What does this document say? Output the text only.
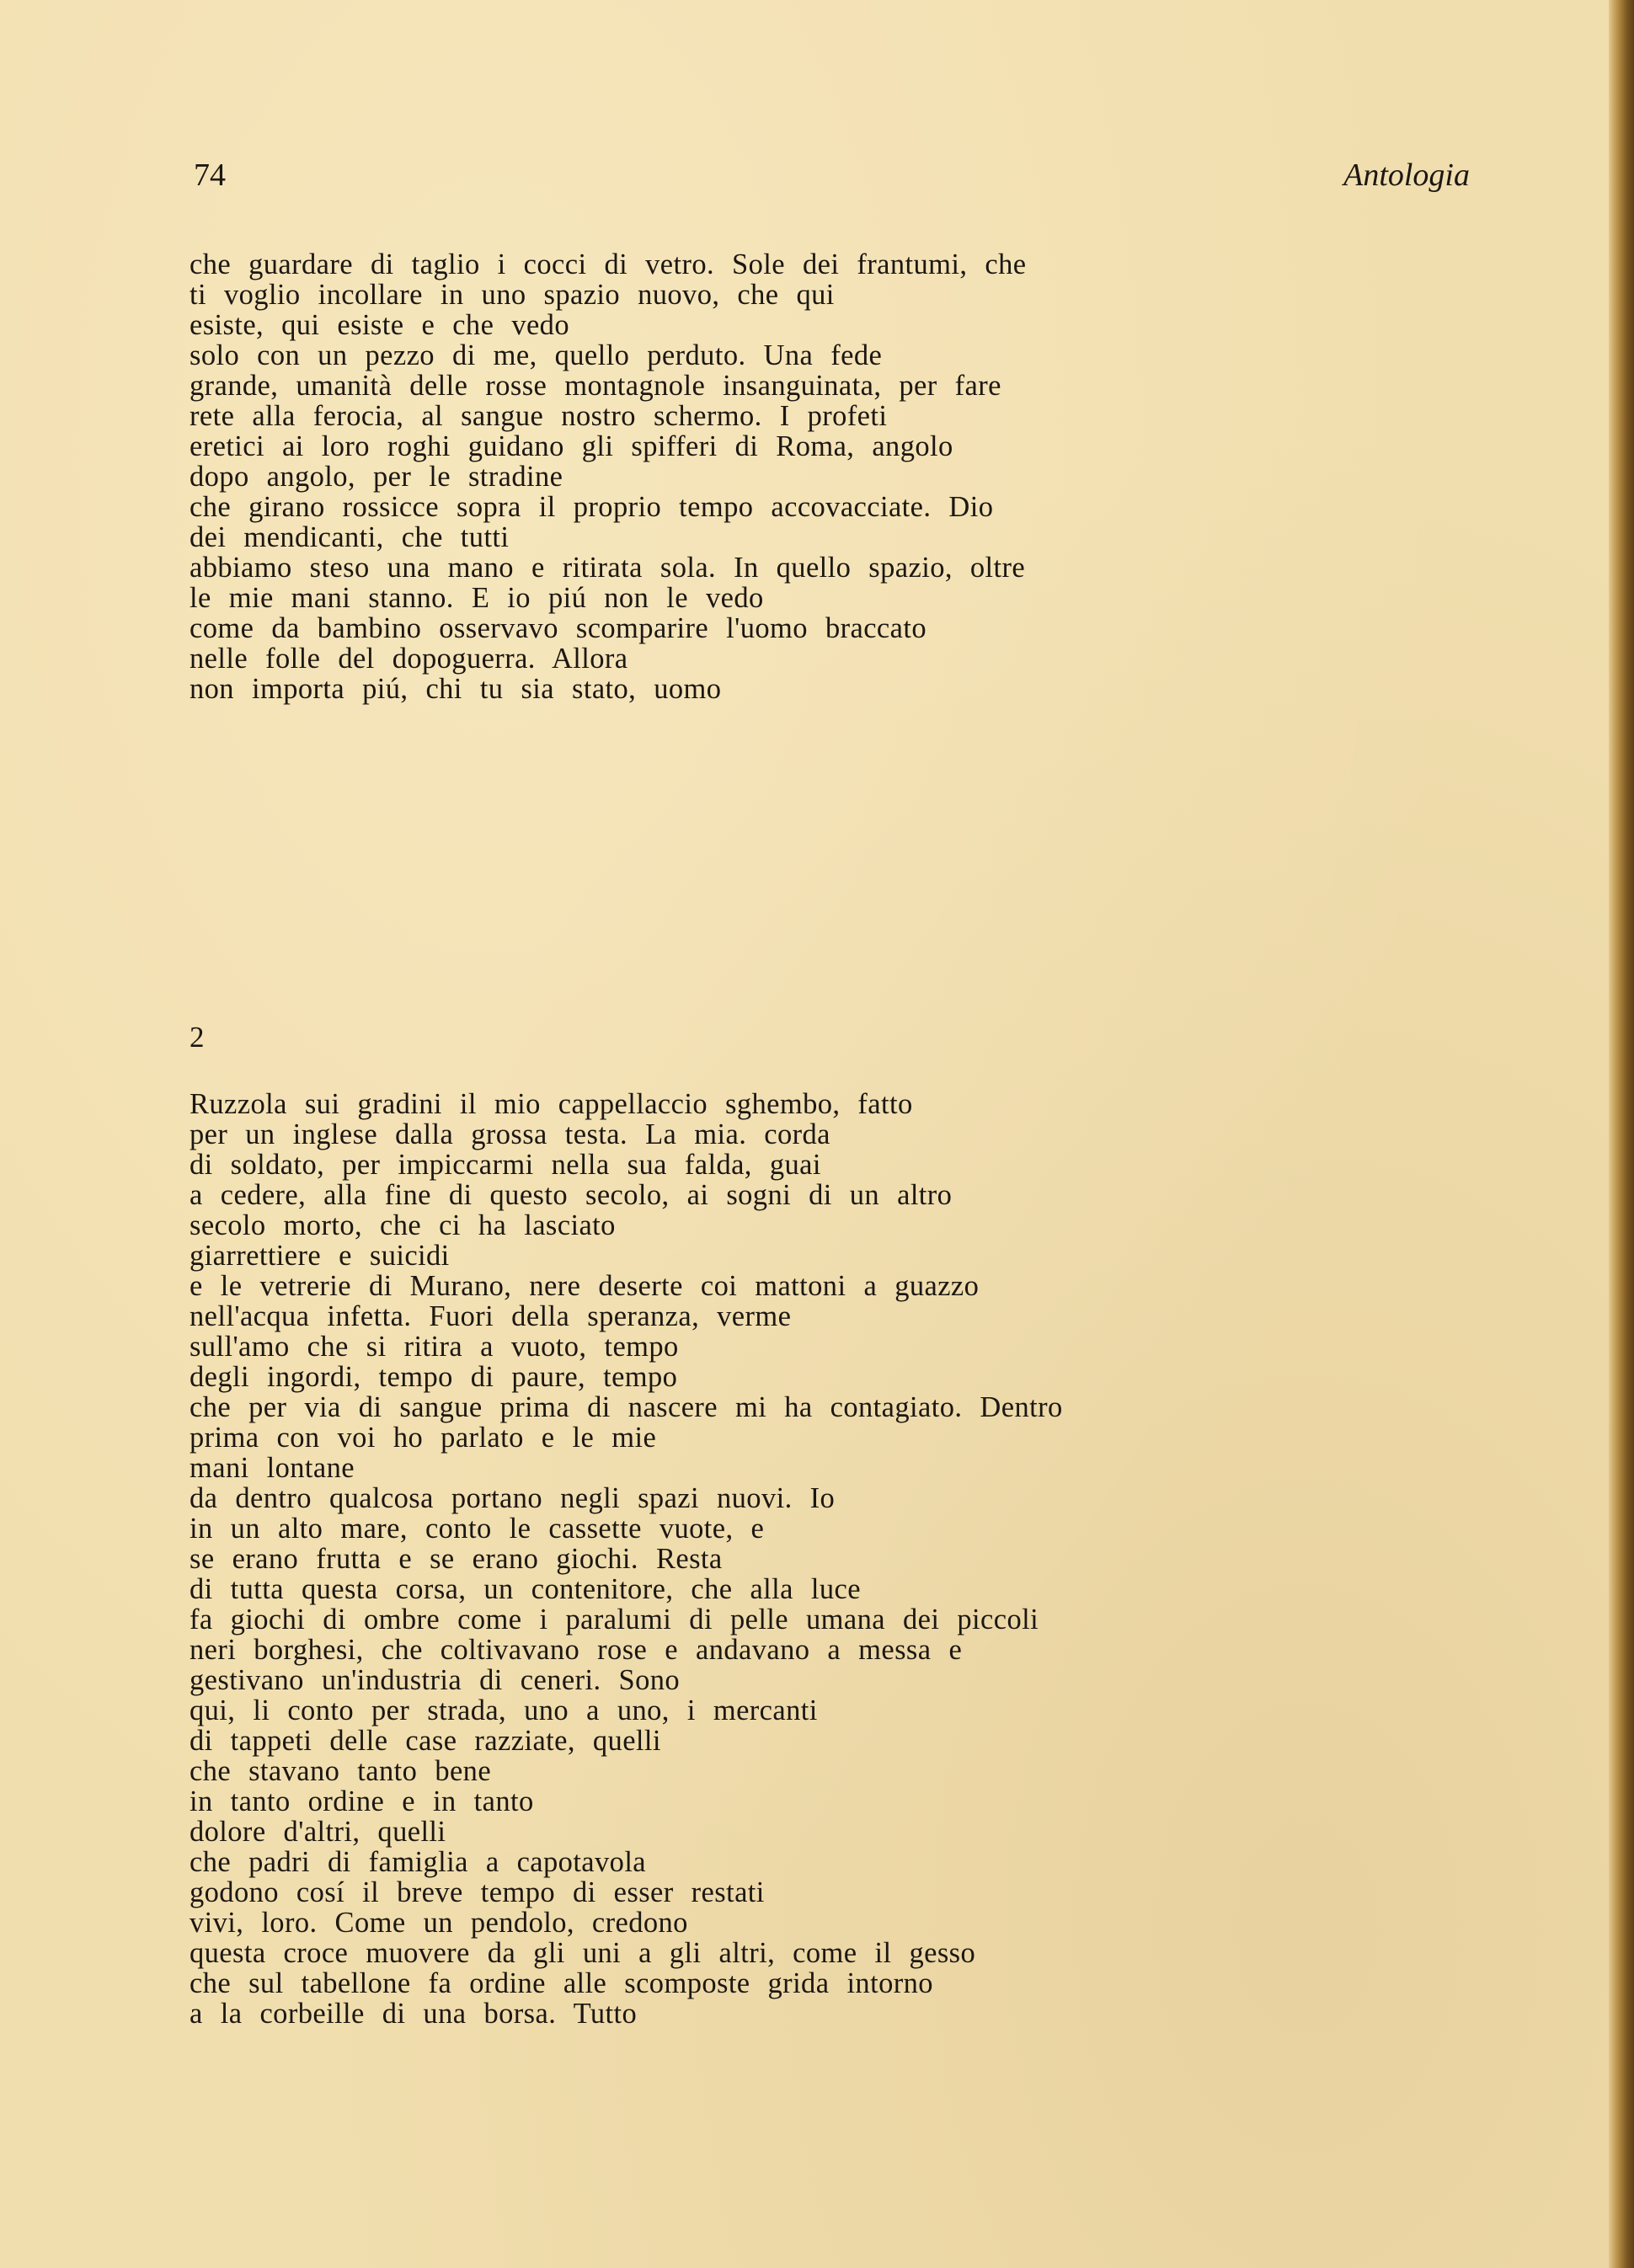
74	Antologia
che guardare di taglio i cocci di vetro. Sole dei frantumi, che
ti voglio incollare in uno spazio nuovo, che qui
esiste, qui esiste e che vedo
solo con un pezzo di me, quello perduto. Una fede
grande, umanità delle rosse montagnole insanguinata, per fare
rete alla ferocia, al sangue nostro schermo. I profeti
eretici ai loro roghi guidano gli spifferi di Roma, angolo
dopo angolo, per le stradine
che girano rossicce sopra il proprio tempo accovacciate. Dio
dei mendicanti, che tutti
abbiamo steso una mano e ritirata sola. In quello spazio, oltre
le mie mani stanno. E io piú non le vedo
come da bambino osservavo scomparire l'uomo braccato
nelle folle del dopoguerra. Allora
non importa piú, chi tu sia stato, uomo
2
Ruzzola sui gradini il mio cappellaccio sghembo, fatto
per un inglese dalla grossa testa. La mia. corda
di soldato, per impiccarmi nella sua falda, guai
a cedere, alla fine di questo secolo, ai sogni di un altro
secolo morto, che ci ha lasciato
giarrettiere e suicidi
e le vetrerie di Murano, nere deserte coi mattoni a guazzo
nell'acqua infetta. Fuori della speranza, verme
sull'amo che si ritira a vuoto, tempo
degli ingordi, tempo di paure, tempo
che per via di sangue prima di nascere mi ha contagiato. Dentro
prima con voi ho parlato e le mie
mani lontane
da dentro qualcosa portano negli spazi nuovi. Io
in un alto mare, conto le cassette vuote, e
se erano frutta e se erano giochi. Resta
di tutta questa corsa, un contenitore, che alla luce
fa giochi di ombre come i paralumi di pelle umana dei piccoli
neri borghesi, che coltivavano rose e andavano a messa e
gestivano un'industria di ceneri. Sono
qui, li conto per strada, uno a uno, i mercanti
di tappeti delle case razziate, quelli
che stavano tanto bene
in tanto ordine e in tanto
dolore d'altri, quelli
che padri di famiglia a capotavola
godono cosí il breve tempo di esser restati
vivi, loro. Come un pendolo, credono
questa croce muovere da gli uni a gli altri, come il gesso
che sul tabellone fa ordine alle scomposte grida intorno
a la corbeille di una borsa. Tutto
